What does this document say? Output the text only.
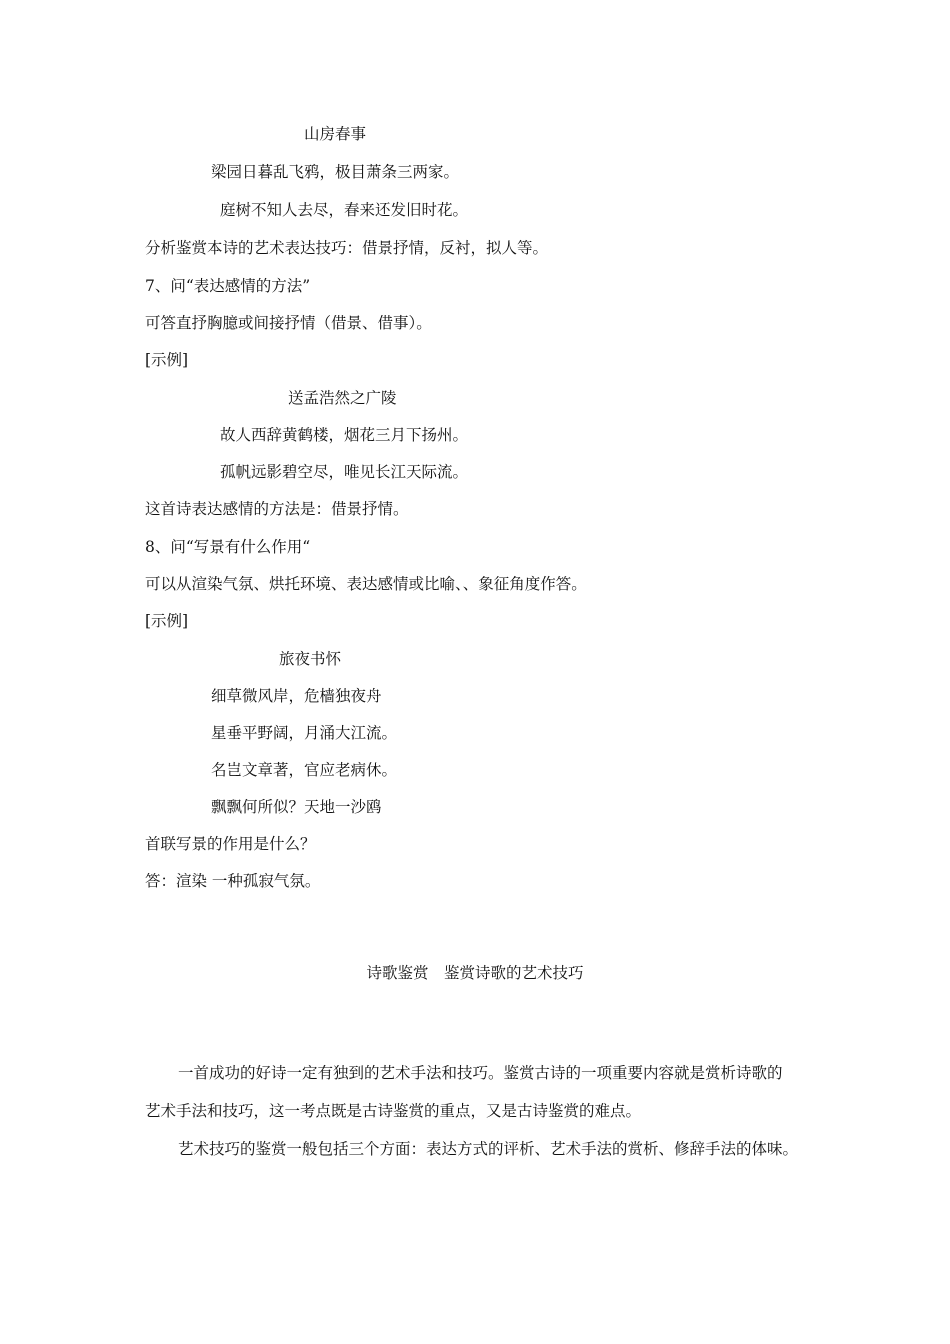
山房春事
梁园日暮乱飞鸦，极目萧条三两家。
庭树不知人去尽，春来还发旧时花。
分析鉴赏本诗的艺术表达技巧：借景抒情，反衬，拟人等。
7、问“表达感情的方法”
可答直抒胸臆或间接抒情（借景、借事）。
[示例]
送孟浩然之广陵
故人西辞黄鹤楼，烟花三月下扬州。
孤帆远影碧空尽，唯见长江天际流。
这首诗表达感情的方法是：借景抒情。
8、问“写景有什么作用“
可以从渲染气氛、烘托环境、表达感情或比喻、、象征角度作答。
[示例]
旅夜书怀
细草微风岸，危樯独夜舟
星垂平野阔，月涌大江流。
名岂文章著，官应老病休。
飘飘何所似？天地一沙鸥
首联写景的作用是什么？
答：渲染 一种孤寂气氛。
诗歌鉴赏　鉴赏诗歌的艺术技巧
一首成功的好诗一定有独到的艺术手法和技巧。鉴赏古诗的一项重要内容就是赏析诗歌的
艺术手法和技巧，这一考点既是古诗鉴赏的重点，又是古诗鉴赏的难点。
艺术技巧的鉴赏一般包括三个方面：表达方式的评析、艺术手法的赏析、修辞手法的体味。
